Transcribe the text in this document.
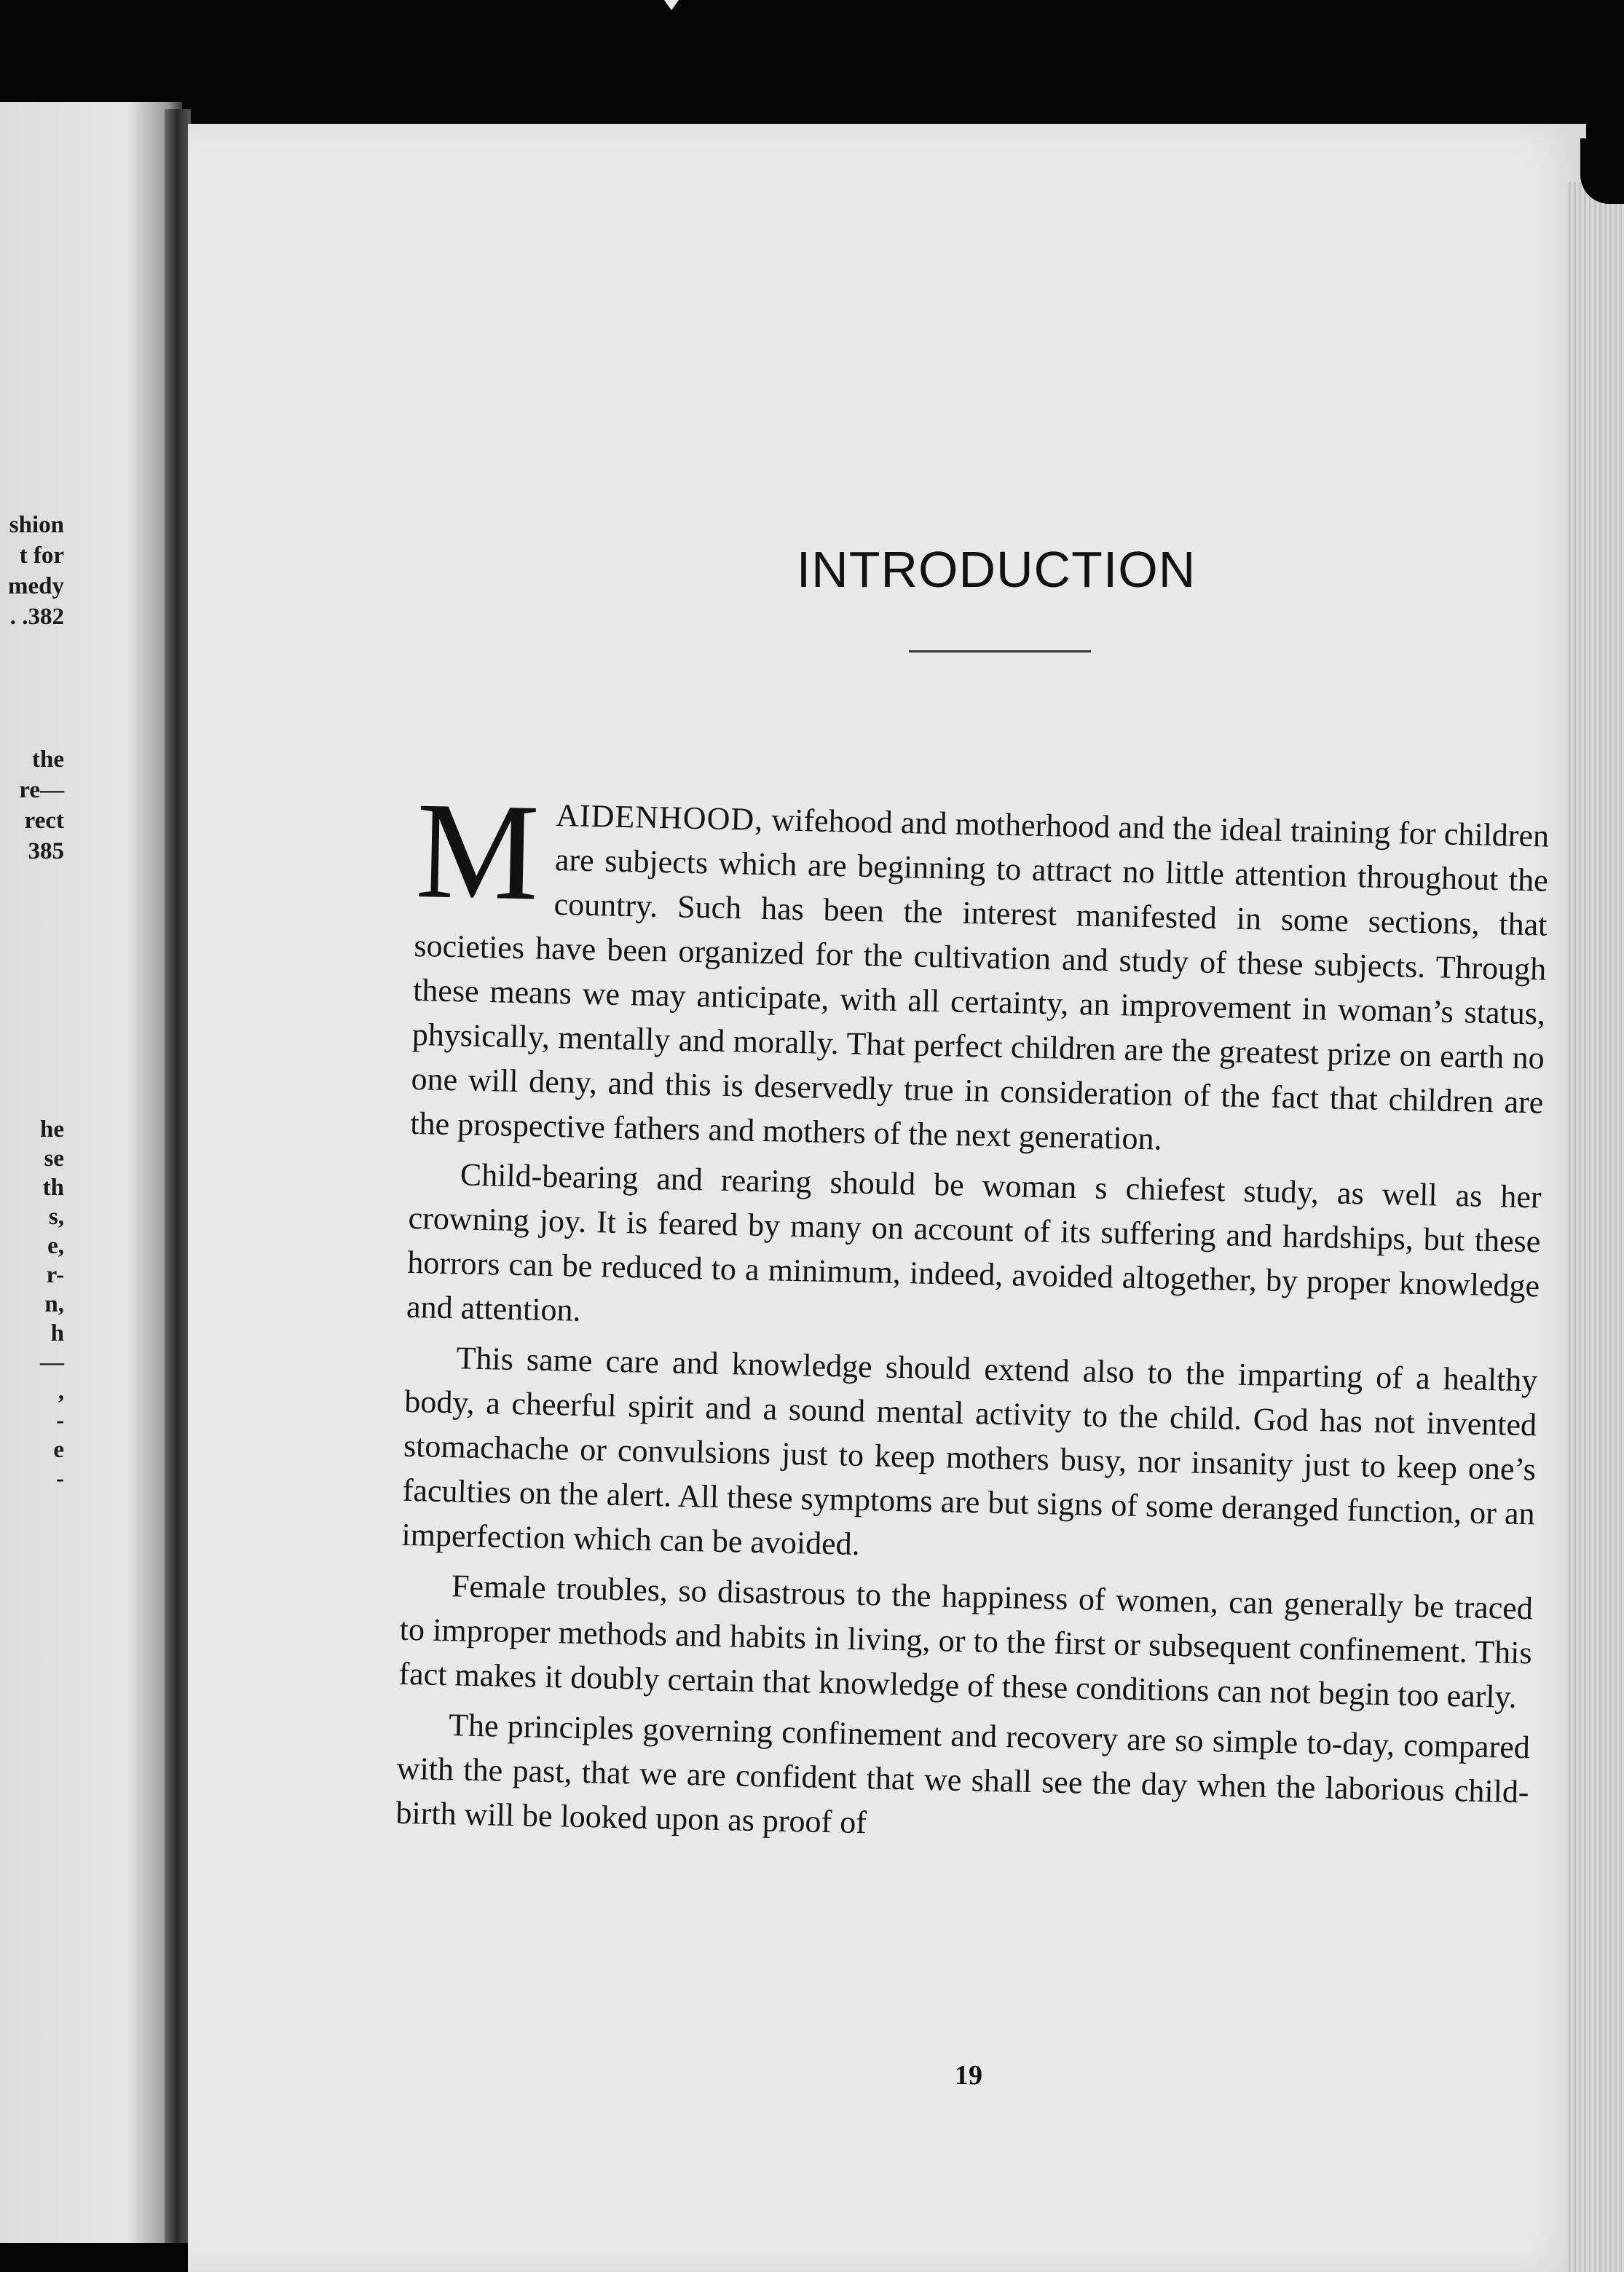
shion
t for
medy
. .382
the
re—
rect
385
he
se
th
s,
e,
r-
n,
h
—
,
-
e
-
INTRODUCTION

MAIDENHOOD, wifehood and motherhood and the ideal training for children are subjects which are beginning to attract no little attention throughout the country. Such has been the interest manifested in some sections, that societies have been organized for the cultivation and study of these subjects. Through these means we may anticipate, with all certainty, an improvement in woman’s status, physically, mentally and morally. That perfect children are the greatest prize on earth no one will deny, and this is deservedly true in consideration of the fact that children are the prospective fathers and mothers of the next generation.

Child-bearing and rearing should be woman s chiefest study, as well as her crowning joy. It is feared by many on account of its suffering and hardships, but these horrors can be reduced to a minimum, indeed, avoided altogether, by proper knowledge and attention.

This same care and knowledge should extend also to the imparting of a healthy body, a cheerful spirit and a sound mental activity to the child. God has not invented stomachache or convulsions just to keep mothers busy, nor insanity just to keep one’s faculties on the alert. All these symptoms are but signs of some deranged function, or an imperfection which can be avoided.

Female troubles, so disastrous to the happiness of women, can generally be traced to improper methods and habits in living, or to the first or subsequent confinement. This fact makes it doubly certain that knowledge of these conditions can not begin too early.

The principles governing confinement and recovery are so simple to-day, compared with the past, that we are confident that we shall see the day when the laborious child-birth will be looked upon as proof of

19
